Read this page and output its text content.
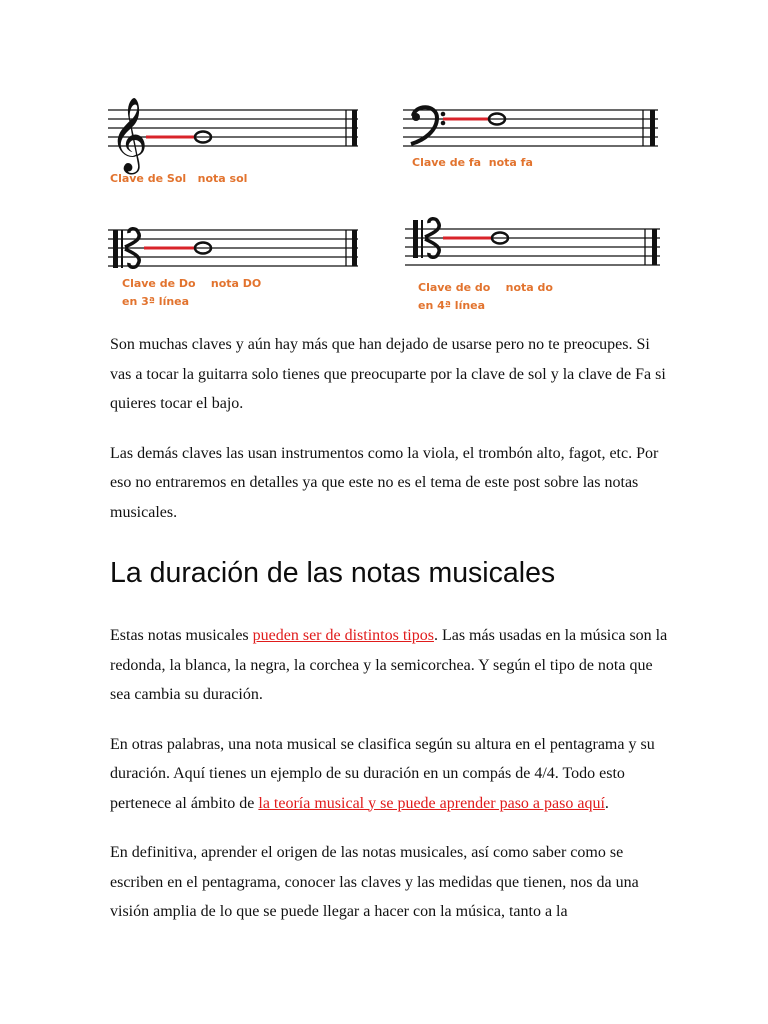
𝄞
Clave de Sol   nota sol
Clave de fa  nota fa
Clave de Do    nota DO
en 3ª línea
Clave de do    nota do
en 4ª línea

Son muchas claves y aún hay más que han dejado de usarse pero no te preocupes. Si vas a tocar la guitarra solo tienes que preocuparte por la clave de sol y la clave de Fa si quieres tocar el bajo.

Las demás claves las usan instrumentos como la viola, el trombón alto, fagot, etc. Por eso no entraremos en detalles ya que este no es el tema de este post sobre las notas musicales.

La duración de las notas musicales

Estas notas musicales pueden ser de distintos tipos. Las más usadas en la música son la redonda, la blanca, la negra, la corchea y la semicorchea. Y según el tipo de nota que sea cambia su duración.

En otras palabras, una nota musical se clasifica según su altura en el pentagrama y su duración. Aquí tienes un ejemplo de su duración en un compás de 4/4. Todo esto pertenece al ámbito de la teoría musical y se puede aprender paso a paso aquí.

En definitiva, aprender el origen de las notas musicales, así como saber como se escriben en el pentagrama, conocer las claves y las medidas que tienen, nos da una visión amplia de lo que se puede llegar a hacer con la música, tanto a la
